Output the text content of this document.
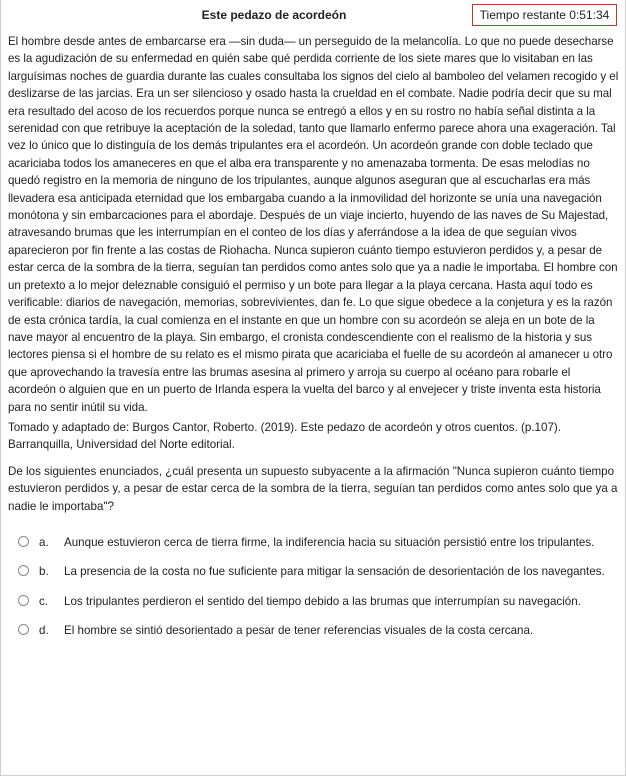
Este pedazo de acordeón	Tiempo restante 0:51:34

El hombre desde antes de embarcarse era —sin duda— un perseguido de la melancolía. Lo que no puede desecharse es la agudización de su enfermedad en quién sabe qué perdida corriente de los siete mares que lo visitaban en las larguísimas noches de guardia durante las cuales consultaba los signos del cielo al bamboleo del velamen recogido y el deslizarse de las jarcias. Era un ser silencioso y osado hasta la crueldad en el combate. Nadie podría decir que su mal era resultado del acoso de los recuerdos porque nunca se entregó a ellos y en su rostro no había señal distinta a la serenidad con que retribuye la aceptación de la soledad, tanto que llamarlo enfermo parece ahora una exageración. Tal vez lo único que lo distinguía de los demás tripulantes era el acordeón. Un acordeón grande con doble teclado que acariciaba todos los amaneceres en que el alba era transparente y no amenazaba tormenta. De esas melodías no quedó registro en la memoria de ninguno de los tripulantes, aunque algunos aseguran que al escucharlas era más llevadera esa anticipada eternidad que los embargaba cuando a la inmovilidad del horizonte se unía una navegación monótona y sin embarcaciones para el abordaje. Después de un viaje incierto, huyendo de las naves de Su Majestad, atravesando brumas que les interrumpían en el conteo de los días y aferrándose a la idea de que seguían vivos aparecieron por fin frente a las costas de Riohacha. Nunca supieron cuánto tiempo estuvieron perdidos y, a pesar de estar cerca de la sombra de la tierra, seguían tan perdidos como antes solo que ya a nadie le importaba. El hombre con un pretexto a lo mejor deleznable consiguió el permiso y un bote para llegar a la playa cercana. Hasta aquí todo es verificable: diarios de navegación, memorias, sobrevivientes, dan fe. Lo que sigue obedece a la conjetura y es la razón de esta crónica tardía, la cual comienza en el instante en que un hombre con su acordeón se aleja en un bote de la nave mayor al encuentro de la playa. Sin embargo, el cronista condescendiente con el realismo de la historia y sus lectores piensa si el hombre de su relato es el mismo pirata que acariciaba el fuelle de su acordeón al amanecer u otro que aprovechando la travesía entre las brumas asesina al primero y arroja su cuerpo al océano para robarle el acordeón o alguien que en un puerto de Irlanda espera la vuelta del barco y al envejecer y triste inventa esta historia para no sentir inútil su vida.

Tomado y adaptado de: Burgos Cantor, Roberto. (2019). Este pedazo de acordeón y otros cuentos. (p.107). Barranquilla, Universidad del Norte editorial.

De los siguientes enunciados, ¿cuál presenta un supuesto subyacente a la afirmación "Nunca supieron cuánto tiempo estuvieron perdidos y, a pesar de estar cerca de la sombra de la tierra, seguían tan perdidos como antes solo que ya a nadie le importaba"?

a. Aunque estuvieron cerca de tierra firme, la indiferencia hacia su situación persistió entre los tripulantes.
b. La presencia de la costa no fue suficiente para mitigar la sensación de desorientación de los navegantes.
c. Los tripulantes perdieron el sentido del tiempo debido a las brumas que interrumpían su navegación.
d. El hombre se sintió desorientado a pesar de tener referencias visuales de la costa cercana.
